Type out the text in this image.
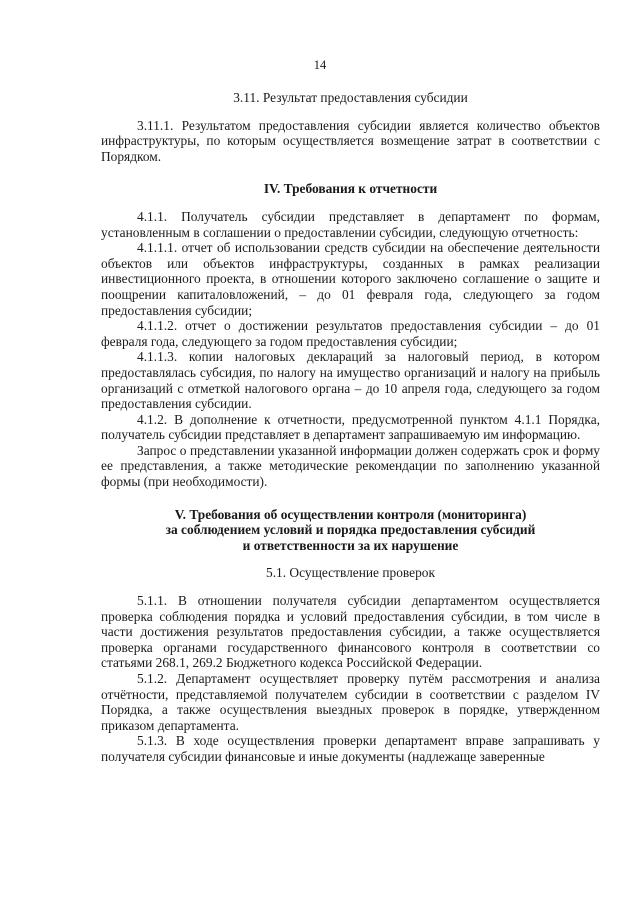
14
3.11. Результат предоставления субсидии

3.11.1. Результатом предоставления субсидии является количество объектов инфраструктуры, по которым осуществляется возмещение затрат в соответствии с Порядком.

IV. Требования к отчетности

4.1.1. Получатель субсидии представляет в департамент по формам, установленным в соглашении о предоставлении субсидии, следующую отчетность:

4.1.1.1. отчет об использовании средств субсидии на обеспечение деятельности объектов или объектов инфраструктуры, созданных в рамках реализации инвестиционного проекта, в отношении которого заключено соглашение о защите и поощрении капиталовложений, – до 01 февраля года, следующего за годом предоставления субсидии;

4.1.1.2. отчет о достижении результатов предоставления субсидии – до 01 февраля года, следующего за годом предоставления субсидии;

4.1.1.3. копии налоговых деклараций за налоговый период, в котором предоставлялась субсидия, по налогу на имущество организаций и налогу на прибыль организаций с отметкой налогового органа – до 10 апреля года, следующего за годом предоставления субсидии.

4.1.2. В дополнение к отчетности, предусмотренной пунктом 4.1.1 Порядка, получатель субсидии представляет в департамент запрашиваемую им информацию.

Запрос о представлении указанной информации должен содержать срок и форму ее представления, а также методические рекомендации по заполнению указанной формы (при необходимости).

V. Требования об осуществлении контроля (мониторинга)
за соблюдением условий и порядка предоставления субсидий
и ответственности за их нарушение
5.1. Осуществление проверок

5.1.1. В отношении получателя субсидии департаментом осуществляется проверка соблюдения порядка и условий предоставления субсидии, в том числе в части достижения результатов предоставления субсидии, а также осуществляется проверка органами государственного финансового контроля в соответствии со статьями 268.1, 269.2 Бюджетного кодекса Российской Федерации.

5.1.2. Департамент осуществляет проверку путём рассмотрения и анализа отчётности, представляемой получателем субсидии в соответствии с разделом IV Порядка, а также осуществления выездных проверок в порядке, утвержденном приказом департамента.

5.1.3. В ходе осуществления проверки департамент вправе запрашивать у получателя субсидии финансовые и иные документы (надлежаще заверенные
